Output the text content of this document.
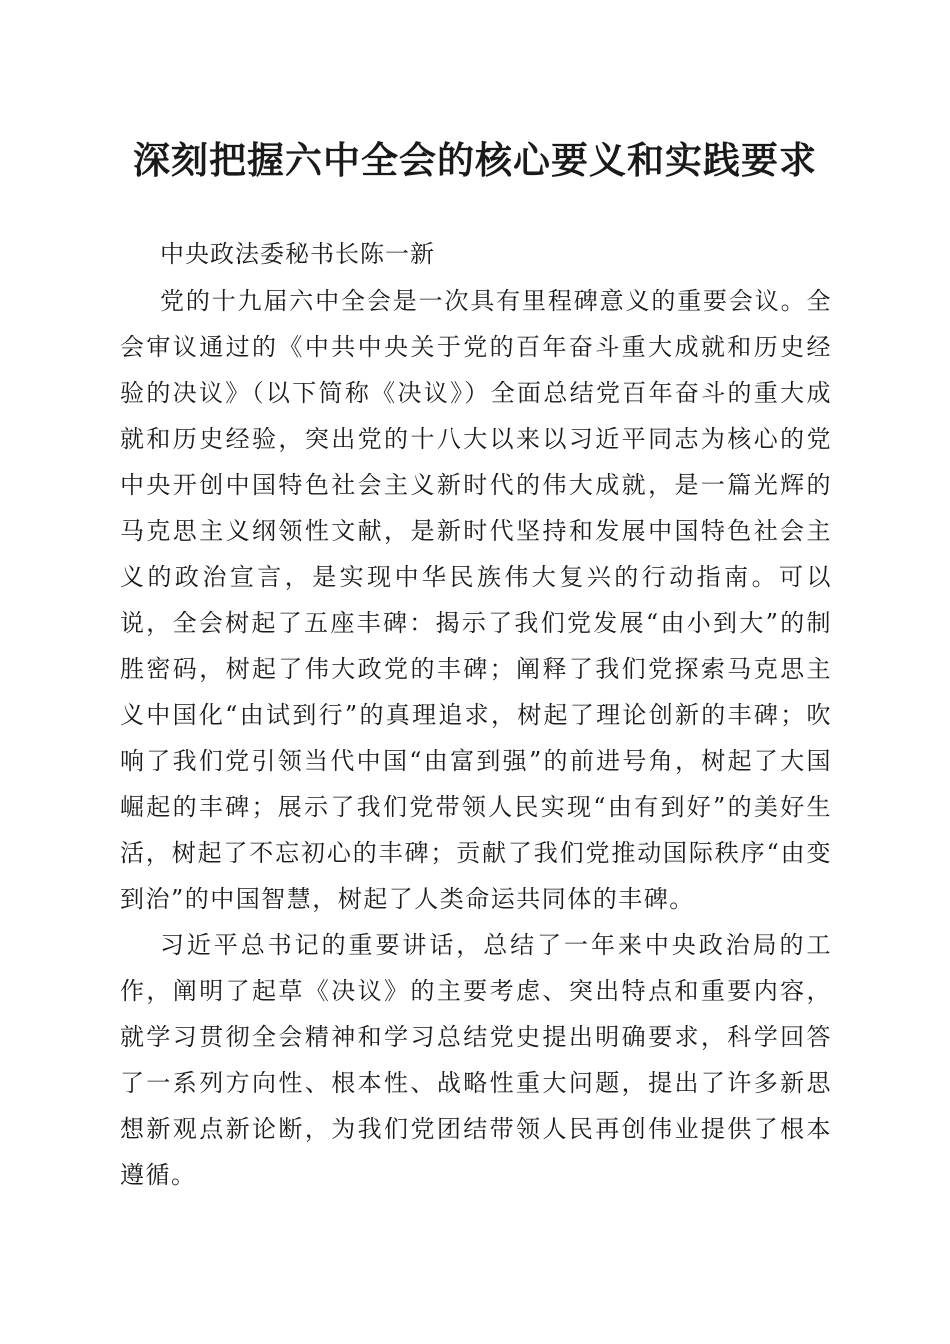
深刻把握六中全会的核心要义和实践要求

中央政法委秘书长陈一新

党的十九届六中全会是一次具有里程碑意义的重要会议。全会审议通过的《中共中央关于党的百年奋斗重大成就和历史经验的决议》（以下简称《决议》）全面总结党百年奋斗的重大成就和历史经验，突出党的十八大以来以习近平同志为核心的党中央开创中国特色社会主义新时代的伟大成就，是一篇光辉的马克思主义纲领性文献，是新时代坚持和发展中国特色社会主义的政治宣言，是实现中华民族伟大复兴的行动指南。可以说，全会树起了五座丰碑：揭示了我们党发展“由小到大”的制胜密码，树起了伟大政党的丰碑；阐释了我们党探索马克思主义中国化“由试到行”的真理追求，树起了理论创新的丰碑；吹响了我们党引领当代中国“由富到强”的前进号角，树起了大国崛起的丰碑；展示了我们党带领人民实现“由有到好”的美好生活，树起了不忘初心的丰碑；贡献了我们党推动国际秩序“由变到治”的中国智慧，树起了人类命运共同体的丰碑。

习近平总书记的重要讲话，总结了一年来中央政治局的工作，阐明了起草《决议》的主要考虑、突出特点和重要内容，就学习贯彻全会精神和学习总结党史提出明确要求，科学回答了一系列方向性、根本性、战略性重大问题，提出了许多新思想新观点新论断，为我们党团结带领人民再创伟业提供了根本遵循。
